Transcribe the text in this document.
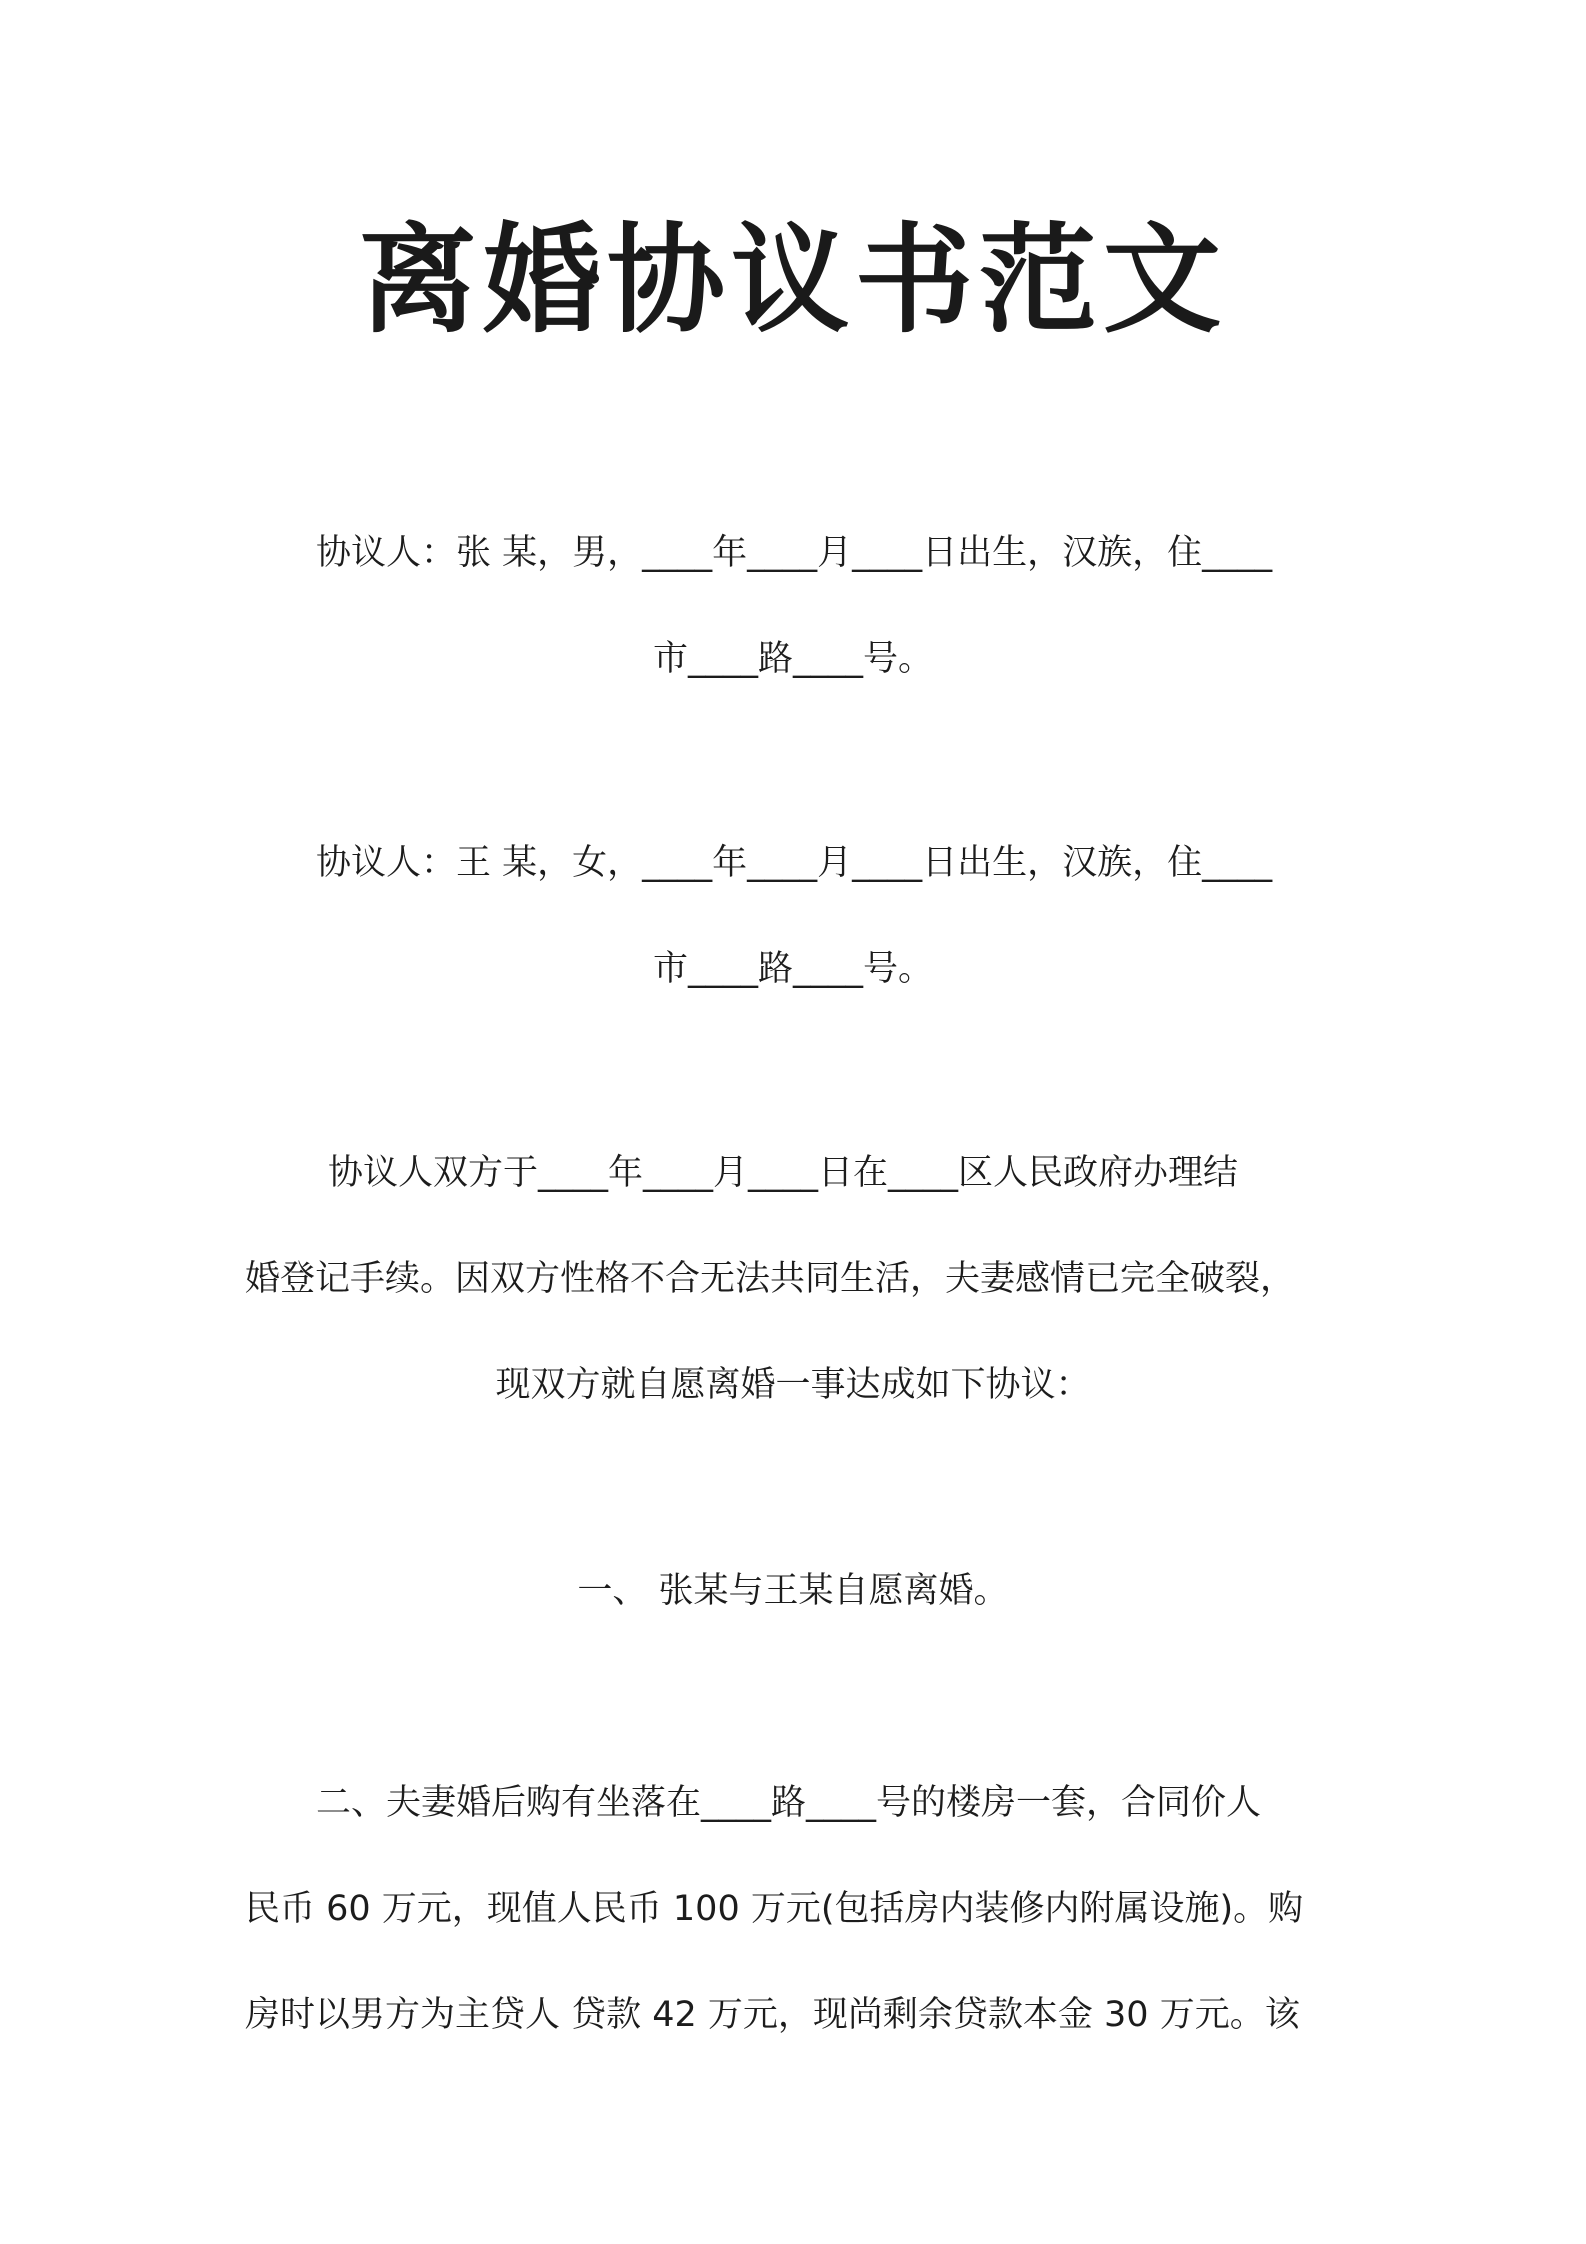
离婚协议书范文
协议人：张 某，男，____年____月____日出生，汉族，住____
市____路____号。
协议人：王 某，女，____年____月____日出生，汉族，住____
市____路____号。
协议人双方于____年____月____日在____区人民政府办理结
婚登记手续。因双方性格不合无法共同生活，夫妻感情已完全破裂，
现双方就自愿离婚一事达成如下协议：
一、 张某与王某自愿离婚。
二、夫妻婚后购有坐落在____路____号的楼房一套，合同价人
民币 60 万元，现值人民币 100 万元(包括房内装修内附属设施)。购
房时以男方为主贷人 贷款 42 万元，现尚剩余贷款本金 30 万元。该
